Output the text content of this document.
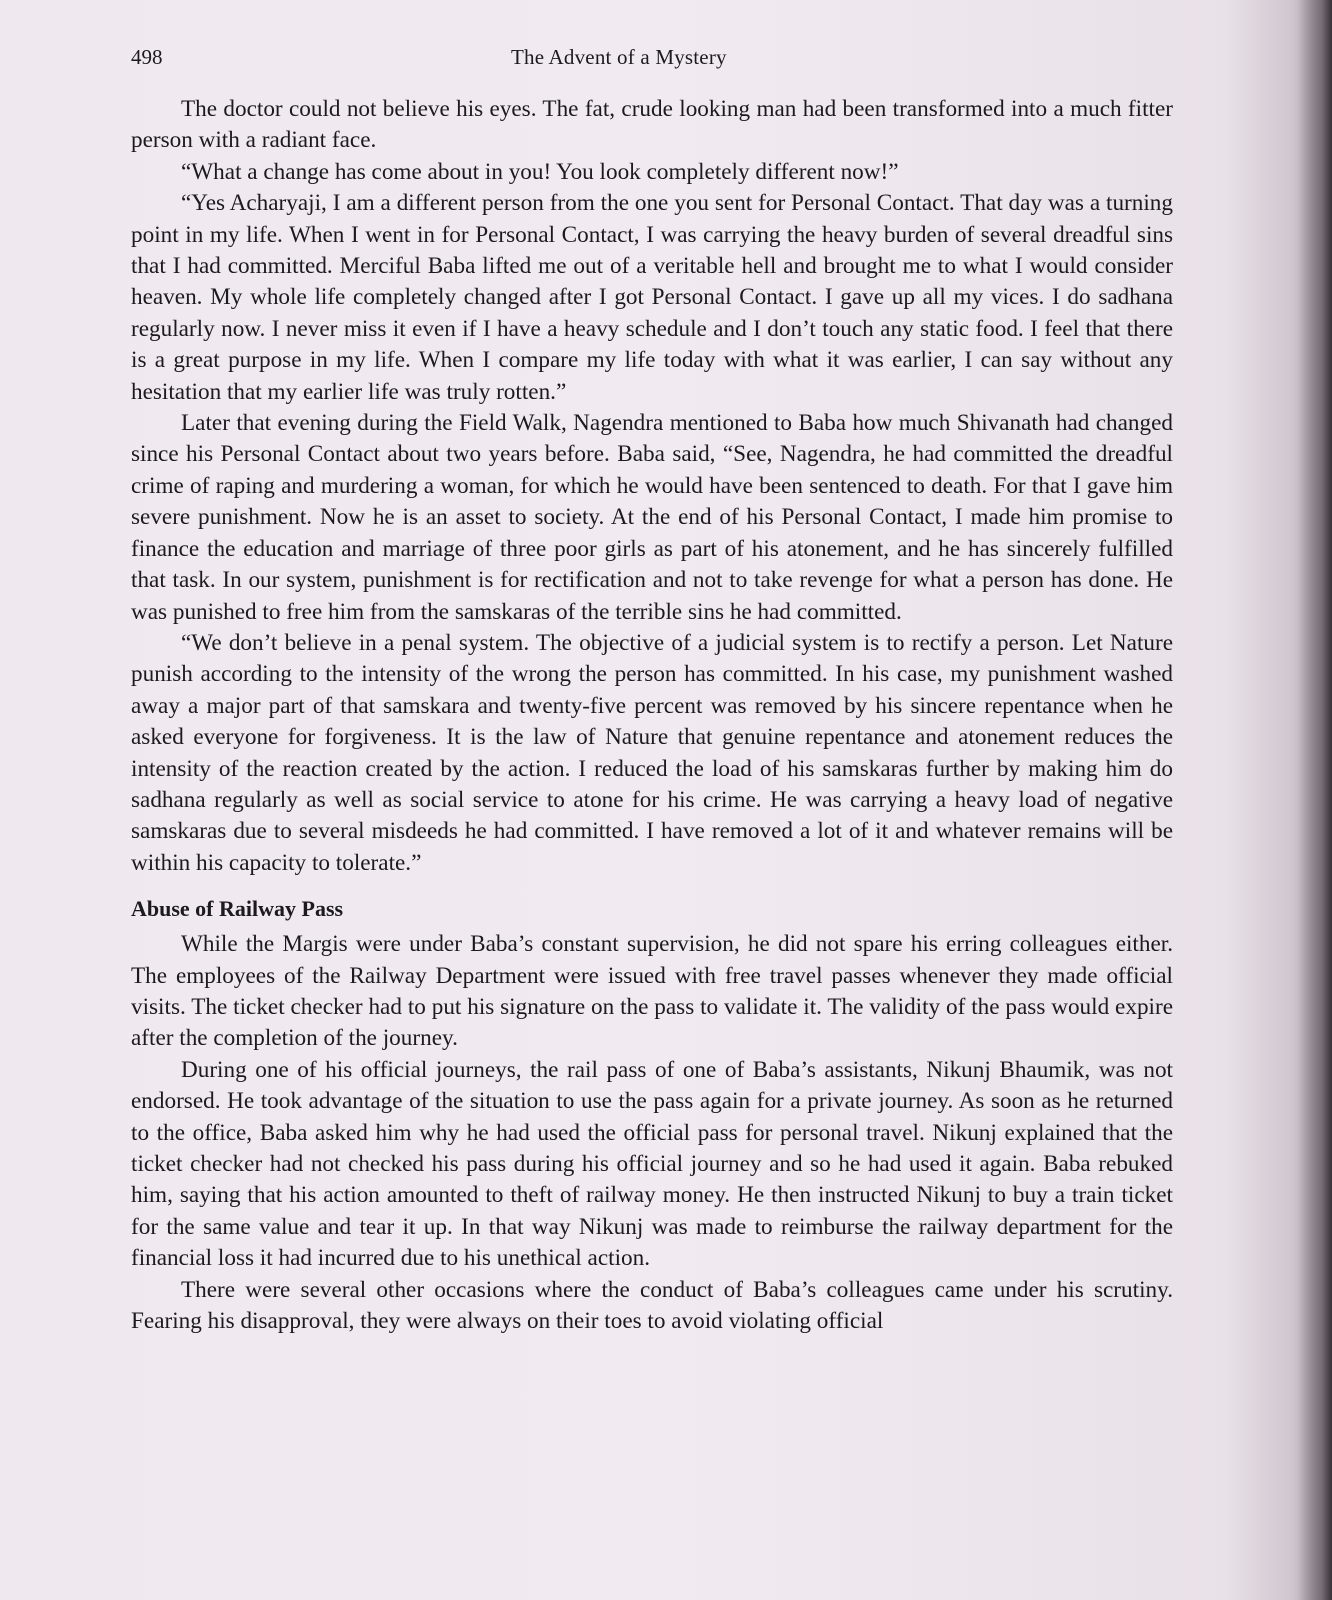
498	The Advent of a Mystery

The doctor could not believe his eyes. The fat, crude looking man had been transformed into a much fitter person with a radiant face.

“What a change has come about in you! You look completely different now!”

“Yes Acharyaji, I am a different person from the one you sent for Personal Contact. That day was a turning point in my life. When I went in for Personal Contact, I was carrying the heavy burden of several dreadful sins that I had committed. Merciful Baba lifted me out of a veritable hell and brought me to what I would consider heaven. My whole life completely changed after I got Personal Contact. I gave up all my vices. I do sadhana regularly now. I never miss it even if I have a heavy schedule and I don’t touch any static food. I feel that there is a great purpose in my life. When I compare my life today with what it was earlier, I can say without any hesitation that my earlier life was truly rotten.”

Later that evening during the Field Walk, Nagendra mentioned to Baba how much Shivanath had changed since his Personal Contact about two years before. Baba said, “See, Nagendra, he had committed the dreadful crime of raping and murdering a woman, for which he would have been sentenced to death. For that I gave him severe punishment. Now he is an asset to society. At the end of his Personal Contact, I made him promise to finance the education and marriage of three poor girls as part of his atonement, and he has sincerely fulfilled that task. In our system, punishment is for rectification and not to take revenge for what a person has done. He was punished to free him from the samskaras of the terrible sins he had committed.

“We don’t believe in a penal system. The objective of a judicial system is to rectify a person. Let Nature punish according to the intensity of the wrong the person has committed. In his case, my punishment washed away a major part of that samskara and twenty-five percent was removed by his sincere repentance when he asked everyone for forgiveness. It is the law of Nature that genuine repentance and atonement reduces the intensity of the reaction created by the action. I reduced the load of his samskaras further by making him do sadhana regularly as well as social service to atone for his crime. He was carrying a heavy load of negative samskaras due to several misdeeds he had committed. I have removed a lot of it and whatever remains will be within his capacity to tolerate.”

Abuse of Railway Pass

While the Margis were under Baba’s constant supervision, he did not spare his erring colleagues either. The employees of the Railway Department were issued with free travel passes whenever they made official visits. The ticket checker had to put his signature on the pass to validate it. The validity of the pass would expire after the completion of the journey.

During one of his official journeys, the rail pass of one of Baba’s assistants, Nikunj Bhaumik, was not endorsed. He took advantage of the situation to use the pass again for a private journey. As soon as he returned to the office, Baba asked him why he had used the official pass for personal travel. Nikunj explained that the ticket checker had not checked his pass during his official journey and so he had used it again. Baba rebuked him, saying that his action amounted to theft of railway money. He then instructed Nikunj to buy a train ticket for the same value and tear it up. In that way Nikunj was made to reimburse the railway department for the financial loss it had incurred due to his unethical action.

There were several other occasions where the conduct of Baba’s colleagues came under his scrutiny. Fearing his disapproval, they were always on their toes to avoid violating official
